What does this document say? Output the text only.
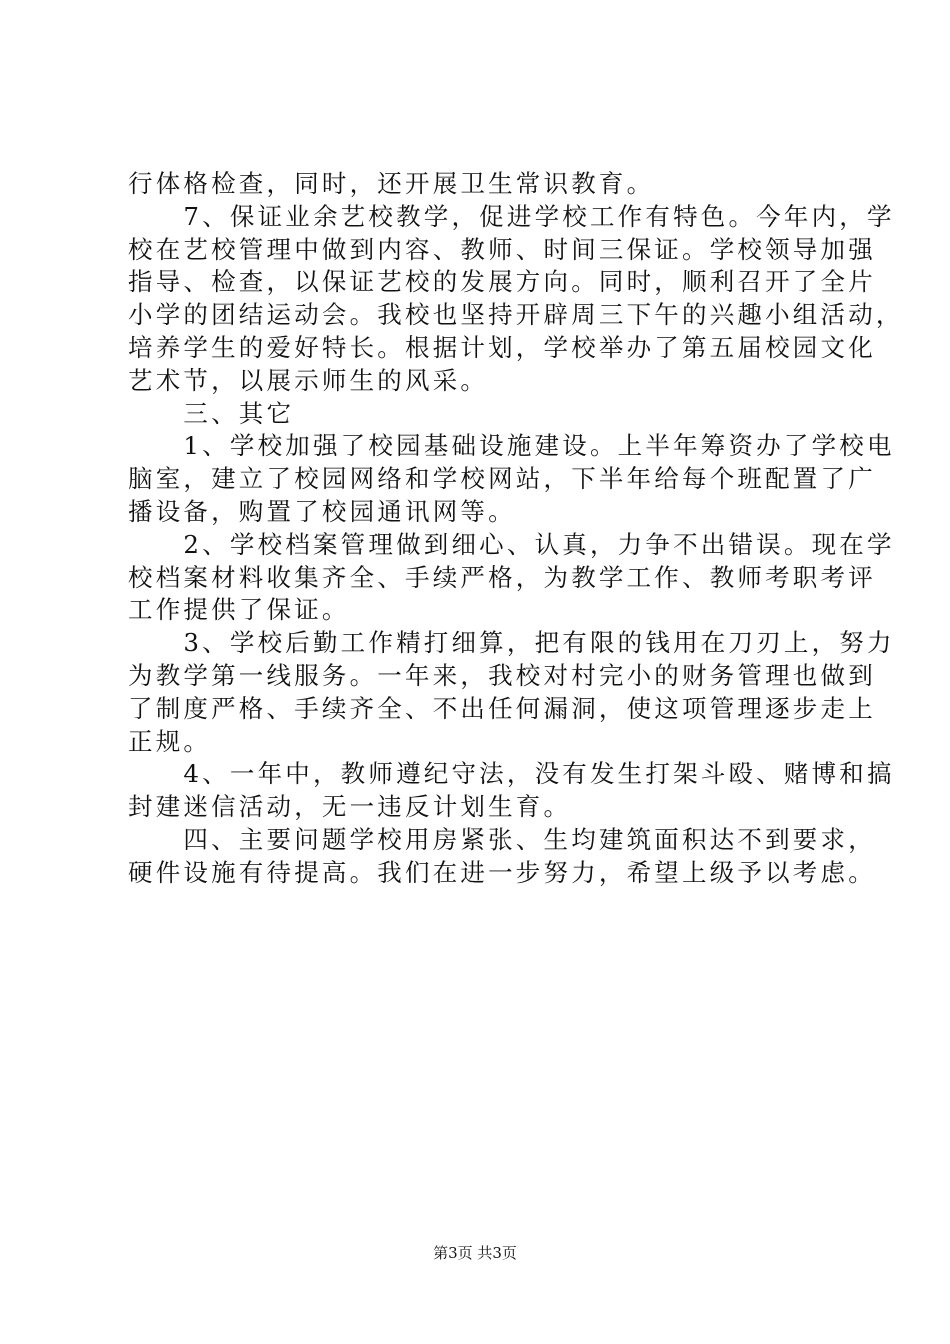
行体格检查，同时，还开展卫生常识教育。
　　7、保证业余艺校教学，促进学校工作有特色。今年内，学
校在艺校管理中做到内容、教师、时间三保证。学校领导加强
指导、检查，以保证艺校的发展方向。同时，顺利召开了全片
小学的团结运动会。我校也坚持开辟周三下午的兴趣小组活动，
培养学生的爱好特长。根据计划，学校举办了第五届校园文化
艺术节，以展示师生的风采。
　　三、其它
　　1、学校加强了校园基础设施建设。上半年筹资办了学校电
脑室，建立了校园网络和学校网站，下半年给每个班配置了广
播设备，购置了校园通讯网等。
　　2、学校档案管理做到细心、认真，力争不出错误。现在学
校档案材料收集齐全、手续严格，为教学工作、教师考职考评
工作提供了保证。
　　3、学校后勤工作精打细算，把有限的钱用在刀刃上，努力
为教学第一线服务。一年来，我校对村完小的财务管理也做到
了制度严格、手续齐全、不出任何漏洞，使这项管理逐步走上
正规。
　　4、一年中，教师遵纪守法，没有发生打架斗殴、赌博和搞
封建迷信活动，无一违反计划生育。
　　四、主要问题学校用房紧张、生均建筑面积达不到要求，
硬件设施有待提高。我们在进一步努力，希望上级予以考虑。
第3页 共3页
